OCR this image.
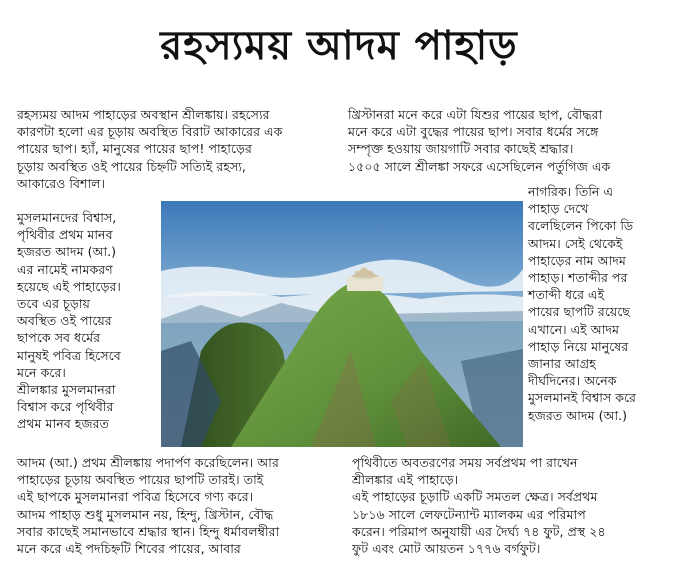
রহস্যময় আদম পাহাড়
রহস্যময় আদম পাহাড়ের অবস্থান শ্রীলঙ্কায়। রহস্যের
কারণটা হলো এর চূড়ায় অবস্থিত বিরাট আকারের এক
পায়ের ছাপ। হ্যাঁ, মানুষের পায়ের ছাপ! পাহাড়ের
চূড়ায় অবস্থিত ওই পায়ের চিহ্নটি সত্যিই রহস্য,
আকারেও বিশাল।
মুসলমানদের বিশ্বাস,
পৃথিবীর প্রথম মানব
হজরত আদম (আ.)
এর নামেই নামকরণ
হয়েছে এই পাহাড়ের।
তবে এর চূড়ায়
অবস্থিত ওই পায়ের
ছাপকে সব ধর্মের
মানুষই পবিত্র হিসেবে
মনে করে।
শ্রীলঙ্কার মুসলমানরা
বিশ্বাস করে পৃথিবীর
প্রথম মানব হজরত
আদম (আ.) প্রথম শ্রীলঙ্কায় পদার্পণ করেছিলেন। আর
পাহাড়ের চূড়ায় অবস্থিত পায়ের ছাপটি তারই। তাই
এই ছাপকে মুসলমানরা পবিত্র হিসেবে গণ্য করে।
আদম পাহাড় শুধু মুসলমান নয়, হিন্দু, খ্রিস্টান, বৌদ্ধ
সবার কাছেই সমানভাবে শ্রদ্ধার স্থান। হিন্দু ধর্মাবলম্বীরা
মনে করে এই পদচিহ্নটি শিবের পায়ের, আবার
খ্রিস্টানরা মনে করে এটা যিশুর পায়ের ছাপ, বৌদ্ধরা
মনে করে এটা বুদ্ধের পায়ের ছাপ। সবার ধর্মের সঙ্গে
সম্পৃক্ত হওয়ায় জায়গাটি সবার কাছেই শ্রদ্ধার।
১৫০৫ সালে শ্রীলঙ্কা সফরে এসেছিলেন পর্তুগিজ এক
নাগরিক। তিনি এ
পাহাড় দেখে
বলেছিলেন পিকো ডি
আদম। সেই থেকেই
পাহাড়ের নাম আদম
পাহাড়। শতাব্দীর পর
শতাব্দী ধরে এই
পায়ের ছাপটি রয়েছে
এখানে। এই আদম
পাহাড় নিয়ে মানুষের
জানার আগ্রহ
দীর্ঘদিনের। অনেক
মুসলমানই বিশ্বাস করে
হজরত আদম (আ.)
পৃথিবীতে অবতরণের সময় সর্বপ্রথম পা রাখেন
শ্রীলঙ্কার এই পাহাড়ে।
এই পাহাড়ের চূড়াটি একটি সমতল ক্ষেত্র। সর্বপ্রথম
১৮১৬ সালে লেফটেন্যান্ট ম্যালকম এর পরিমাপ
করেন। পরিমাপ অনুযায়ী এর দৈর্ঘ্য ৭৪ ফুট, প্রস্থ ২৪
ফুট এবং মোট আয়তন ১৭৭৬ বর্গফুট।
